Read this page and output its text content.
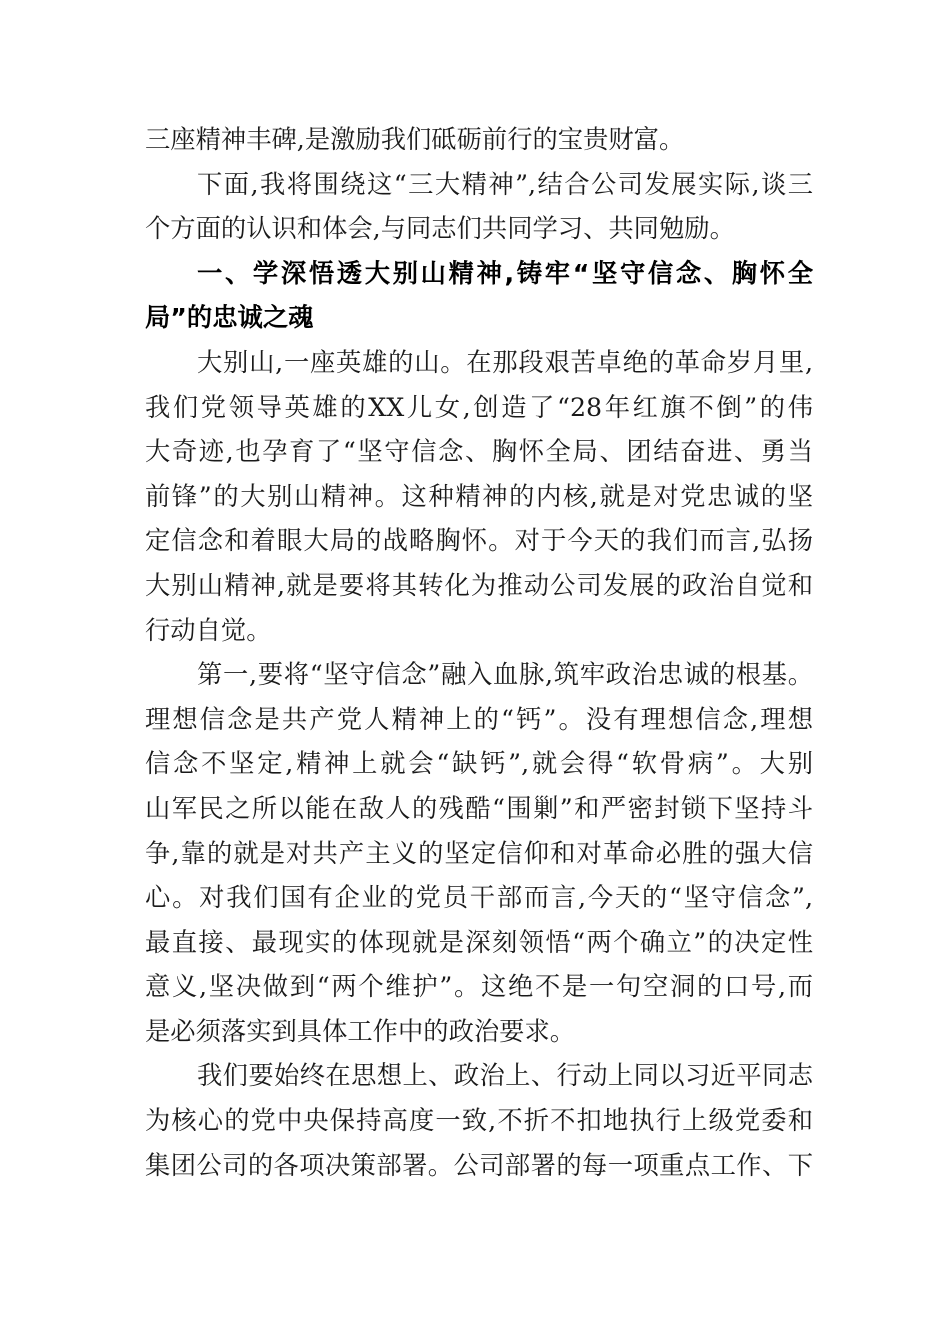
三座精神丰碑,是激励我们砥砺前行的宝贵财富。
下面,我将围绕这“三大精神”,结合公司发展实际,谈三
个方面的认识和体会,与同志们共同学习、共同勉励。
一、学深悟透大别山精神,铸牢“坚守信念、胸怀全
局”的忠诚之魂
大别山,一座英雄的山。在那段艰苦卓绝的革命岁月里,
我们党领导英雄的XX儿女,创造了“28年红旗不倒”的伟
大奇迹,也孕育了“坚守信念、胸怀全局、团结奋进、勇当
前锋”的大别山精神。这种精神的内核,就是对党忠诚的坚
定信念和着眼大局的战略胸怀。对于今天的我们而言,弘扬
大别山精神,就是要将其转化为推动公司发展的政治自觉和
行动自觉。
第一,要将“坚守信念”融入血脉,筑牢政治忠诚的根基。
理想信念是共产党人精神上的“钙”。没有理想信念,理想
信念不坚定,精神上就会“缺钙”,就会得“软骨病”。大别
山军民之所以能在敌人的残酷“围剿”和严密封锁下坚持斗
争,靠的就是对共产主义的坚定信仰和对革命必胜的强大信
心。对我们国有企业的党员干部而言,今天的“坚守信念”,
最直接、最现实的体现就是深刻领悟“两个确立”的决定性
意义,坚决做到“两个维护”。这绝不是一句空洞的口号,而
是必须落实到具体工作中的政治要求。
我们要始终在思想上、政治上、行动上同以习近平同志
为核心的党中央保持高度一致,不折不扣地执行上级党委和
集团公司的各项决策部署。公司部署的每一项重点工作、下
